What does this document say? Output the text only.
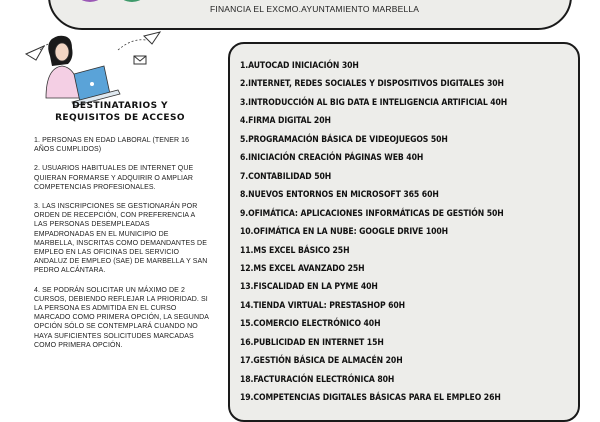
FINANCIA EL EXCMO.AYUNTAMIENTO MARBELLA
DESTINATARIOS Y
REQUISITOS DE ACCESO

1. PERSONAS EN EDAD LABORAL (TENER 16 AÑOS CUMPLIDOS)

2. USUARIOS HABITUALES DE INTERNET QUE QUIERAN FORMARSE Y ADQUIRIR O AMPLIAR COMPETENCIAS PROFESIONALES.

3. LAS INSCRIPCIONES SE GESTIONARÁN POR ORDEN DE RECEPCIÓN, CON PREFERENCIA A LAS PERSONAS DESEMPLEADAS EMPADRONADAS EN EL MUNICIPIO DE MARBELLA, INSCRITAS COMO DEMANDANTES DE EMPLEO EN LAS OFICINAS DEL SERVICIO ANDALUZ DE EMPLEO (SAE) DE MARBELLA Y SAN PEDRO ALCÁNTARA.

4. SE PODRÁN SOLICITAR UN MÁXIMO DE 2 CURSOS, DEBIENDO REFLEJAR LA PRIORIDAD. SI LA PERSONA ES ADMITIDA EN EL CURSO MARCADO COMO PRIMERA OPCIÓN, LA SEGUNDA OPCIÓN SÓLO SE CONTEMPLARÁ CUANDO NO HAYA SUFICIENTES SOLICITUDES MARCADAS COMO PRIMERA OPCIÓN.

1.AUTOCAD INICIACIÓN 30H
2.INTERNET, REDES SOCIALES Y DISPOSITIVOS DIGITALES 30H
3.INTRODUCCIÓN AL BIG DATA E INTELIGENCIA ARTIFICIAL 40H
4.FIRMA DIGITAL 20H
5.PROGRAMACIÓN BÁSICA DE VIDEOJUEGOS 50H
6.INICIACIÓN CREACIÓN PÁGINAS WEB 40H
7.CONTABILIDAD 50H
8.NUEVOS ENTORNOS EN MICROSOFT 365 60H
9.OFIMÁTICA: APLICACIONES INFORMÁTICAS DE GESTIÓN 50H
10.OFIMÁTICA EN LA NUBE: GOOGLE DRIVE 100H
11.MS EXCEL BÁSICO 25H
12.MS EXCEL AVANZADO 25H
13.FISCALIDAD EN LA PYME 40H
14.TIENDA VIRTUAL: PRESTASHOP 60H
15.COMERCIO ELECTRÓNICO 40H
16.PUBLICIDAD EN INTERNET 15H
17.GESTIÓN BÁSICA DE ALMACÉN 20H
18.FACTURACIÓN ELECTRÓNICA 80H
19.COMPETENCIAS DIGITALES BÁSICAS PARA EL EMPLEO 26H
